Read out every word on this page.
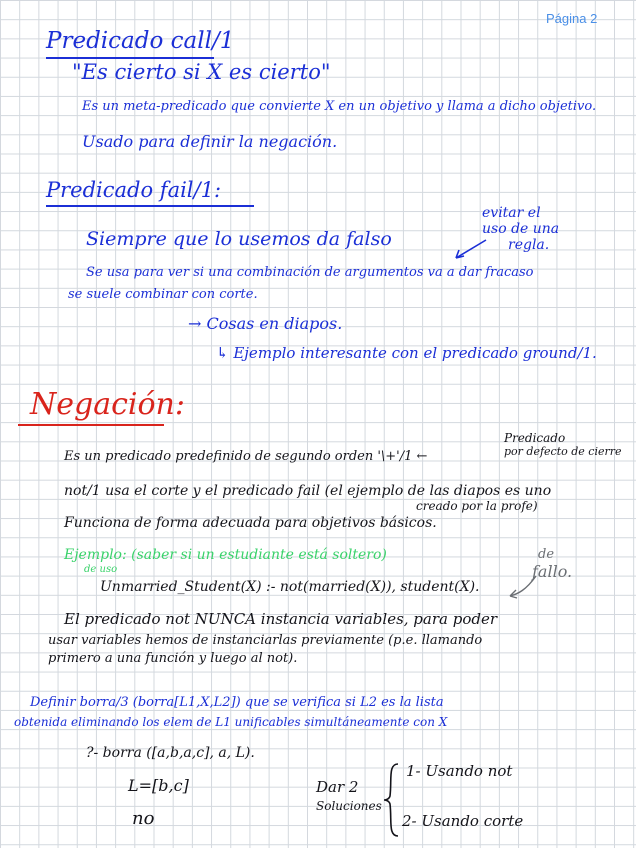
Página 2
Predicado call/1
"Es cierto si X es cierto"
Es un meta-predicado que convierte X en un objetivo y llama a dicho objetivo.
Usado para definir la negación.
Predicado fail/1:
Siempre que lo usemos da falso
evitar el
uso de una
regla.
Se usa para ver si una combinación de argumentos va a dar fracaso
se suele combinar con corte.
→ Cosas en diapos.
↳ Ejemplo interesante con el predicado ground/1.
Negación:
Es un predicado predefinido de segundo orden '\+'/1 ←
Predicado
por defecto de cierre
not/1 usa el corte y el predicado fail (el ejemplo de las diapos es uno
creado por la profe)
Funciona de forma adecuada para objetivos básicos.
Ejemplo: (saber si un estudiante está soltero)
de uso
Unmarried_Student(X) :- not(married(X)), student(X).
de
fallo.
El predicado not NUNCA instancia variables, para poder
usar variables hemos de instanciarlas previamente (p.e. llamando
primero a una función y luego al not).
Definir borra/3 (borra[L1,X,L2]) que se verifica si L2 es la lista
obtenida eliminando los elem de L1 unificables simultáneamente con X
?- borra ([a,b,a,c], a, L).
L=[b,c]
no
Dar 2
Soluciones
1- Usando not
2- Usando corte
